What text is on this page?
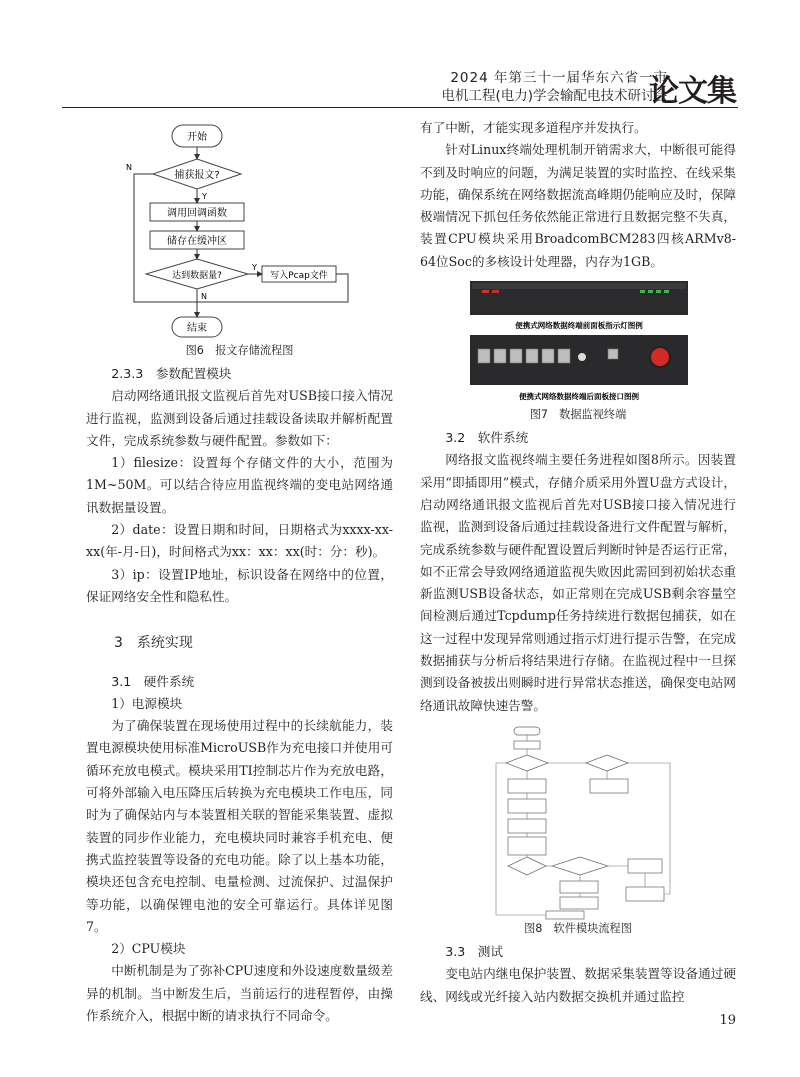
2024 年第三十一届华东六省一市
电机工程(电力)学会输配电技术研讨会
论文集
开始
捕获报文?
调用回调函数
储存在缓冲区
达到数据量?	写入Pcap文件
结束
Y
Y
N
N
图6　报文存储流程图

2.3.3　参数配置模块

启动网络通讯报文监视后首先对USB接口接入情况进行监视，监测到设备后通过挂载设备读取并解析配置文件，完成系统参数与硬件配置。参数如下：

1）filesize：设置每个存储文件的大小，范围为1M~50M。可以结合待应用监视终端的变电站网络通讯数据量设置。

2）date：设置日期和时间，日期格式为xxxx-xx-xx(年-月-日)，时间格式为xx：xx：xx(时：分：秒)。

3）ip：设置IP地址，标识设备在网络中的位置，保证网络安全性和隐私性。

3　系统实现

3.1　硬件系统

1）电源模块

为了确保装置在现场使用过程中的长续航能力，装置电源模块使用标准MicroUSB作为充电接口并使用可循环充放电模式。模块采用TI控制芯片作为充放电路，可将外部输入电压降压后转换为充电模块工作电压，同时为了确保站内与本装置相关联的智能采集装置、虚拟装置的同步作业能力，充电模块同时兼容手机充电、便携式监控装置等设备的充电功能。除了以上基本功能，模块还包含充电控制、电量检测、过流保护、过温保护等功能，以确保锂电池的安全可靠运行。具体详见图7。

2）CPU模块

中断机制是为了弥补CPU速度和外设速度数量级差异的机制。当中断发生后，当前运行的进程暂停，由操作系统介入，根据中断的请求执行不同命令。

有了中断，才能实现多道程序并发执行。

针对Linux终端处理机制开销需求大，中断很可能得不到及时响应的问题，为满足装置的实时监控、在线采集功能，确保系统在网络数据流高峰期仍能响应及时，保障极端情况下抓包任务依然能正常进行且数据完整不失真，装置CPU模块采用BroadcomBCM283四核ARMv8-64位Soc的多核设计处理器，内存为1GB。

便携式网络数据终端前面板指示灯图例
便携式网络数据终端后面板接口图例
图7　数据监视终端

3.2　软件系统

网络报文监视终端主要任务进程如图8所示。因装置采用“即插即用”模式，存储介质采用外置U盘方式设计，启动网络通讯报文监视后首先对USB接口接入情况进行监视，监测到设备后通过挂载设备进行文件配置与解析，完成系统参数与硬件配置设置后判断时钟是否运行正常，如不正常会导致网络通道监视失败因此需回到初始状态重新监测USB设备状态，如正常则在完成USB剩余容量空间检测后通过Tcpdump任务持续进行数据包捕获，如在这一过程中发现异常则通过指示灯进行提示告警，在完成数据捕获与分析后将结果进行存储。在监视过程中一旦探测到设备被拔出则瞬时进行异常状态推送，确保变电站网络通讯故障快速告警。

图8　软件模块流程图

3.3　测试

变电站内继电保护装置、数据采集装置等设备通过硬线、网线或光纤接入站内数据交换机并通过监控

19
